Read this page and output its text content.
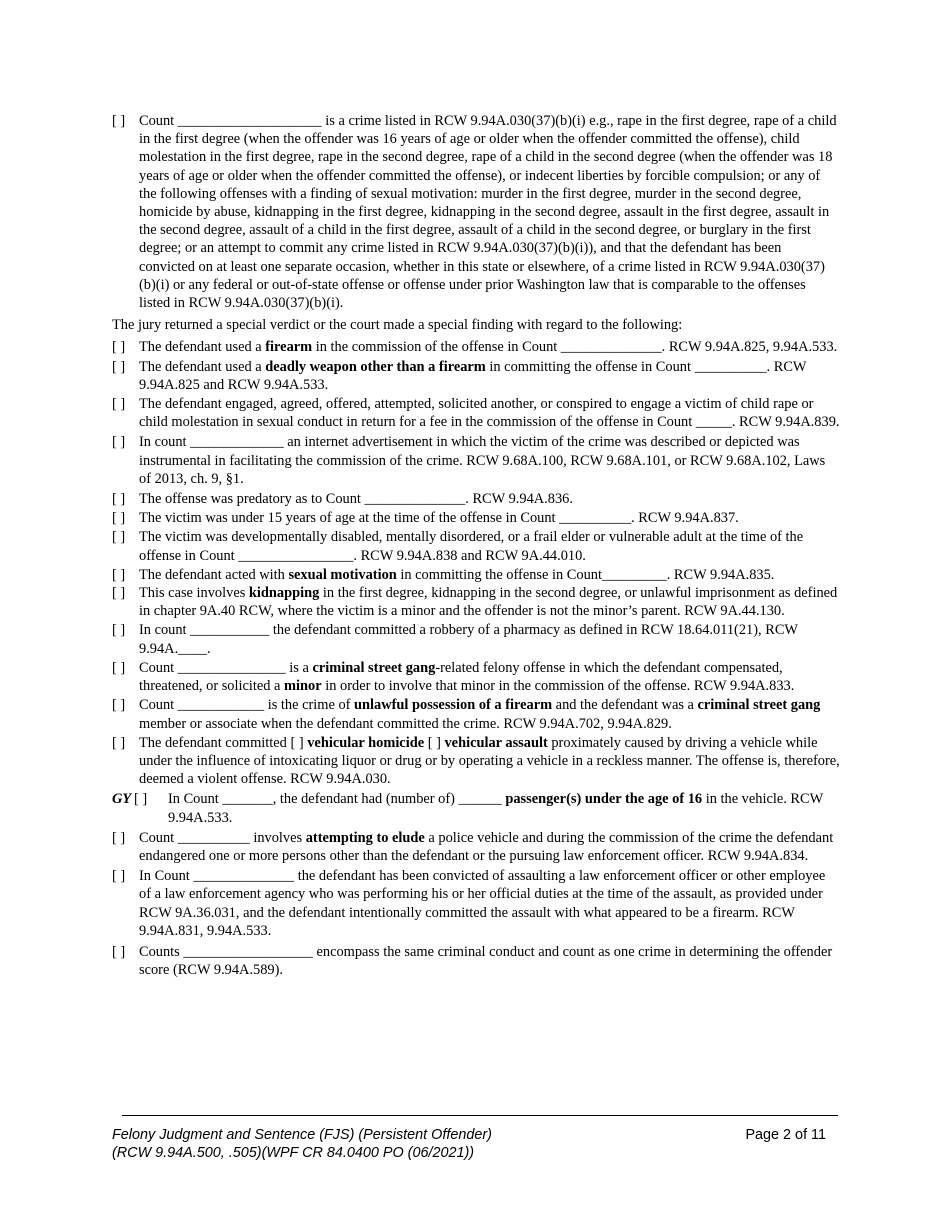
[ ] Count ____________________ is a crime listed in RCW 9.94A.030(37)(b)(i) e.g., rape in the first degree, rape of a child in the first degree (when the offender was 16 years of age or older when the offender committed the offense), child molestation in the first degree, rape in the second degree, rape of a child in the second degree (when the offender was 18 years of age or older when the offender committed the offense), or indecent liberties by forcible compulsion; or any of the following offenses with a finding of sexual motivation: murder in the first degree, murder in the second degree, homicide by abuse, kidnapping in the first degree, kidnapping in the second degree, assault in the first degree, assault in the second degree, assault of a child in the first degree, assault of a child in the second degree, or burglary in the first degree; or an attempt to commit any crime listed in RCW 9.94A.030(37)(b)(i)), and that the defendant has been convicted on at least one separate occasion, whether in this state or elsewhere, of a crime listed in RCW 9.94A.030(37)(b)(i) or any federal or out-of-state offense or offense under prior Washington law that is comparable to the offenses listed in RCW 9.94A.030(37)(b)(i).
The jury returned a special verdict or the court made a special finding with regard to the following:
[ ] The defendant used a firearm in the commission of the offense in Count ______________. RCW 9.94A.825, 9.94A.533.
[ ] The defendant used a deadly weapon other than a firearm in committing the offense in Count __________. RCW 9.94A.825 and RCW 9.94A.533.
[ ] The defendant engaged, agreed, offered, attempted, solicited another, or conspired to engage a victim of child rape or child molestation in sexual conduct in return for a fee in the commission of the offense in Count _____. RCW 9.94A.839.
[ ] In count _____________ an internet advertisement in which the victim of the crime was described or depicted was instrumental in facilitating the commission of the crime. RCW 9.68A.100, RCW 9.68A.101, or RCW 9.68A.102, Laws of 2013, ch. 9, §1.
[ ] The offense was predatory as to Count ______________. RCW 9.94A.836.
[ ] The victim was under 15 years of age at the time of the offense in Count __________. RCW 9.94A.837.
[ ] The victim was developmentally disabled, mentally disordered, or a frail elder or vulnerable adult at the time of the offense in Count ________________. RCW 9.94A.838 and RCW 9A.44.010.
[ ] The defendant acted with sexual motivation in committing the offense in Count_________. RCW 9.94A.835.
[ ] This case involves kidnapping in the first degree, kidnapping in the second degree, or unlawful imprisonment as defined in chapter 9A.40 RCW, where the victim is a minor and the offender is not the minor’s parent. RCW 9A.44.130.
[ ] In count ___________ the defendant committed a robbery of a pharmacy as defined in RCW 18.64.011(21), RCW 9.94A.____.
[ ] Count _______________ is a criminal street gang-related felony offense in which the defendant compensated, threatened, or solicited a minor in order to involve that minor in the commission of the offense. RCW 9.94A.833.
[ ] Count ____________ is the crime of unlawful possession of a firearm and the defendant was a criminal street gang member or associate when the defendant committed the crime. RCW 9.94A.702, 9.94A.829.
[ ] The defendant committed [ ] vehicular homicide [ ] vehicular assault proximately caused by driving a vehicle while under the influence of intoxicating liquor or drug or by operating a vehicle in a reckless manner. The offense is, therefore, deemed a violent offense. RCW 9.94A.030.
GY [ ] In Count _______, the defendant had (number of) ______ passenger(s) under the age of 16 in the vehicle. RCW 9.94A.533.
[ ] Count __________ involves attempting to elude a police vehicle and during the commission of the crime the defendant endangered one or more persons other than the defendant or the pursuing law enforcement officer. RCW 9.94A.834.
[ ] In Count ______________ the defendant has been convicted of assaulting a law enforcement officer or other employee of a law enforcement agency who was performing his or her official duties at the time of the assault, as provided under RCW 9A.36.031, and the defendant intentionally committed the assault with what appeared to be a firearm. RCW 9.94A.831, 9.94A.533.
[ ] Counts __________________ encompass the same criminal conduct and count as one crime in determining the offender score (RCW 9.94A.589).
Felony Judgment and Sentence (FJS) (Persistent Offender)
(RCW 9.94A.500, .505)(WPF CR 84.0400 PO (06/2021))
Page 2 of 11
